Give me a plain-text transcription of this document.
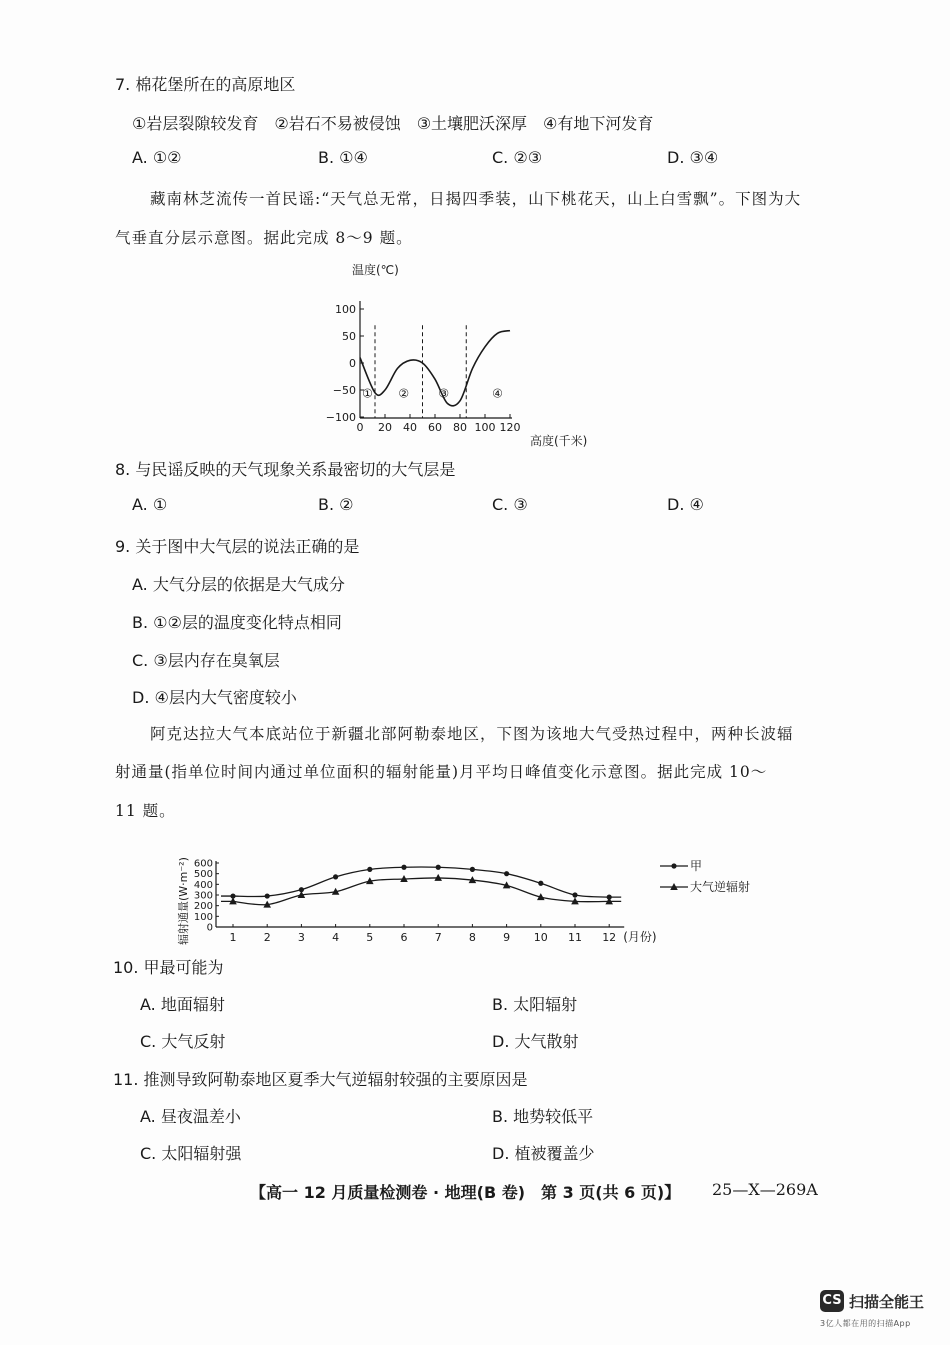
7. 棉花堡所在的高原地区
①岩层裂隙较发育　②岩石不易被侵蚀　③土壤肥沃深厚　④有地下河发育
A. ①②	B. ①④	C. ②③	D. ③④
藏南林芝流传一首民谣:“天气总无常，日揭四季装，山下桃花天，山上白雪飘”。下图为大
气垂直分层示意图。据此完成 8～9 题。
温度(℃)
高度(千米)
100
50
0
−50
−100
0 20 40 60 80 100 120
① ② ③	④
8. 与民谣反映的天气现象关系最密切的大气层是
A. ①	B. ②	C. ③	D. ④
9. 关于图中大气层的说法正确的是
A. 大气分层的依据是大气成分
B. ①②层的温度变化特点相同
C. ③层内存在臭氧层
D. ④层内大气密度较小
阿克达拉大气本底站位于新疆北部阿勒泰地区，下图为该地大气受热过程中，两种长波辐
射通量(指单位时间内通过单位面积的辐射能量)月平均日峰值变化示意图。据此完成 10～
11 题。
辐射通量(W·m⁻²) 0
100
200
300
400
500
600
1 2 3 4 5 6 7 8 9 10 11 12 (月份)
甲
大气逆辐射
10. 甲最可能为
A. 地面辐射	B. 太阳辐射
C. 大气反射	D. 大气散射
11. 推测导致阿勒泰地区夏季大气逆辐射较强的主要原因是
A. 昼夜温差小	B. 地势较低平
C. 太阳辐射强	D. 植被覆盖少
【高一 12 月质量检测卷 · 地理(B 卷)　第 3 页(共 6 页)】 25—X—269A
CS 扫描全能王
3亿人都在用的扫描App
